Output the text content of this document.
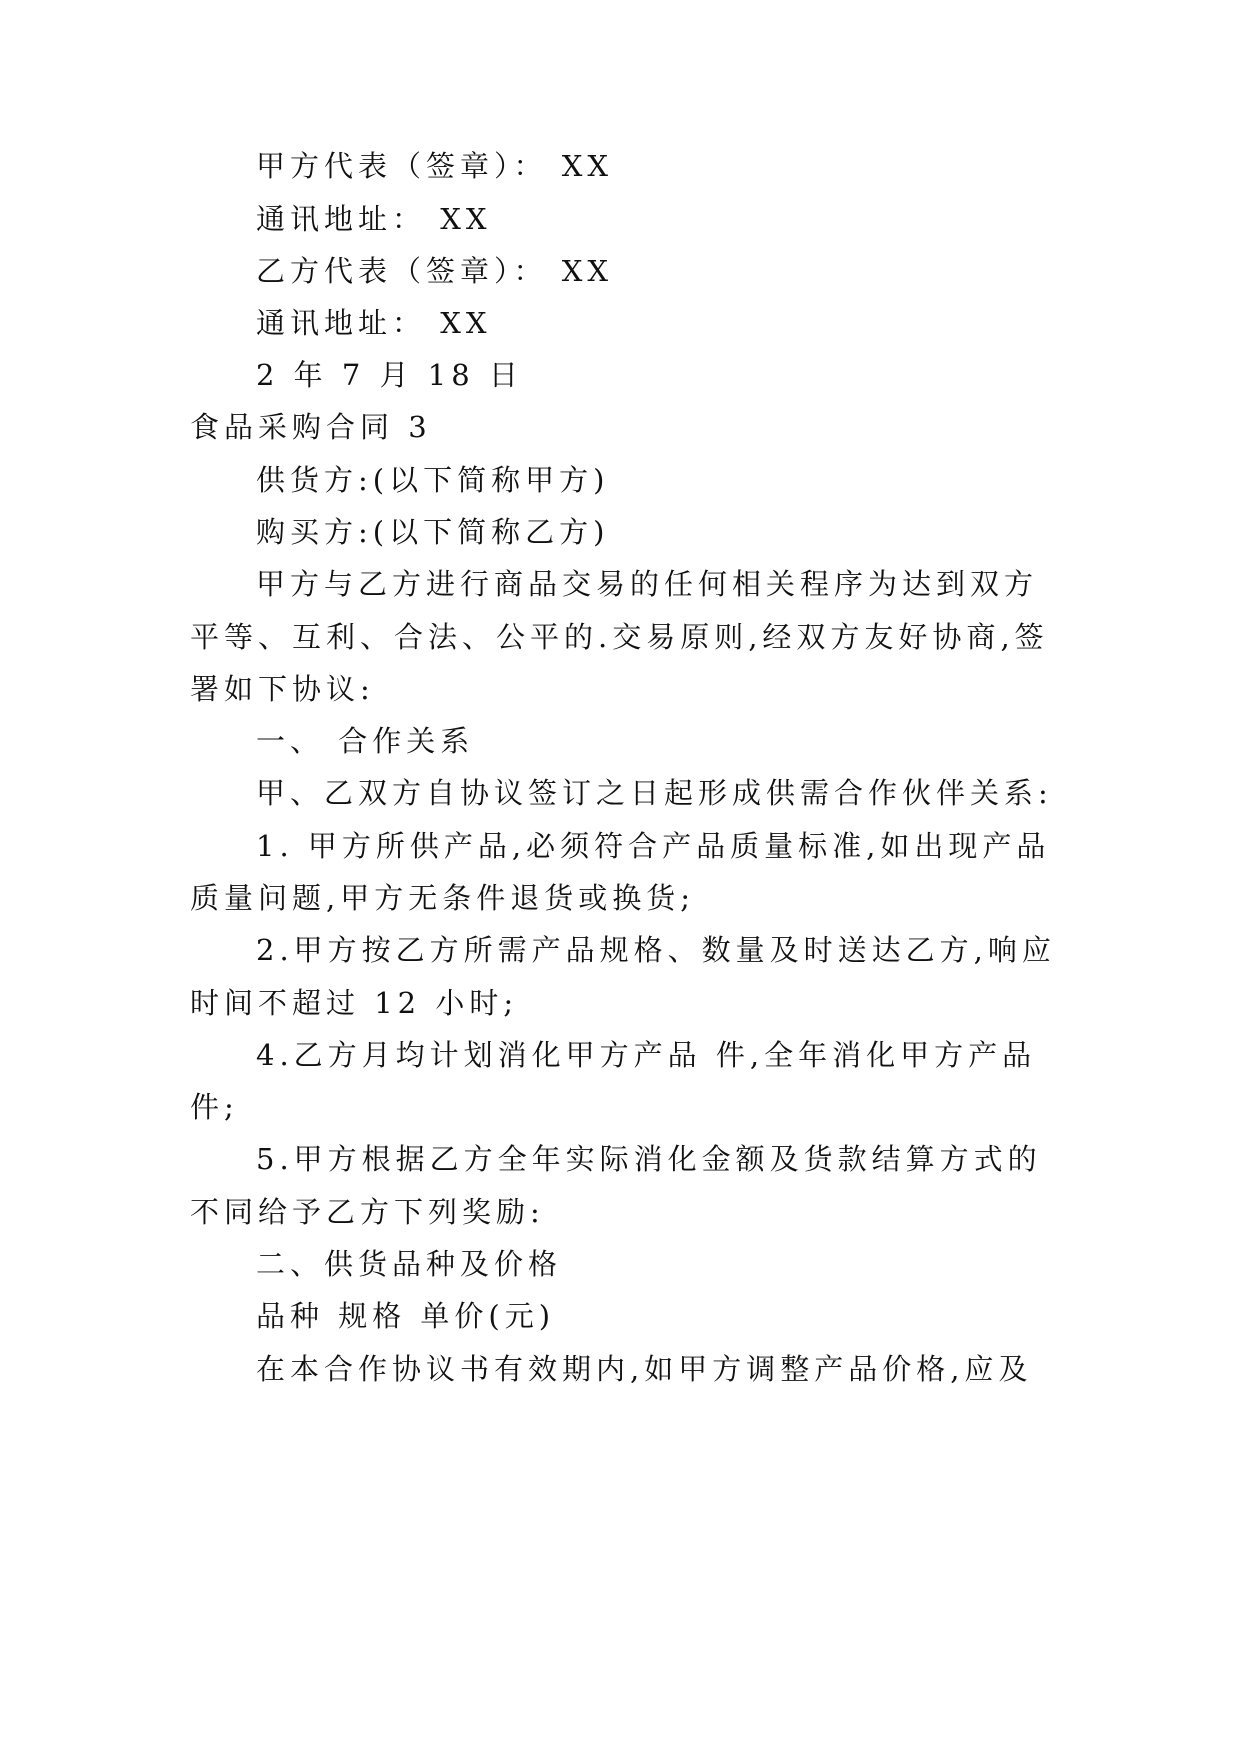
甲方代表（签章）： XX
通讯地址： XX
乙方代表（签章）： XX
通讯地址： XX
2 年 7 月 18 日
食品采购合同 3
供货方:(以下简称甲方)
购买方:(以下简称乙方)
甲方与乙方进行商品交易的任何相关程序为达到双方
平等、互利、合法、公平的.交易原则,经双方友好协商,签
署如下协议:
一、 合作关系
甲、乙双方自协议签订之日起形成供需合作伙伴关系:
1. 甲方所供产品,必须符合产品质量标准,如出现产品
质量问题,甲方无条件退货或换货;
2.甲方按乙方所需产品规格、数量及时送达乙方,响应
时间不超过 12 小时;
4.乙方月均计划消化甲方产品 件,全年消化甲方产品
件;
5.甲方根据乙方全年实际消化金额及货款结算方式的
不同给予乙方下列奖励:
二、供货品种及价格
品种 规格 单价(元)
在本合作协议书有效期内,如甲方调整产品价格,应及
